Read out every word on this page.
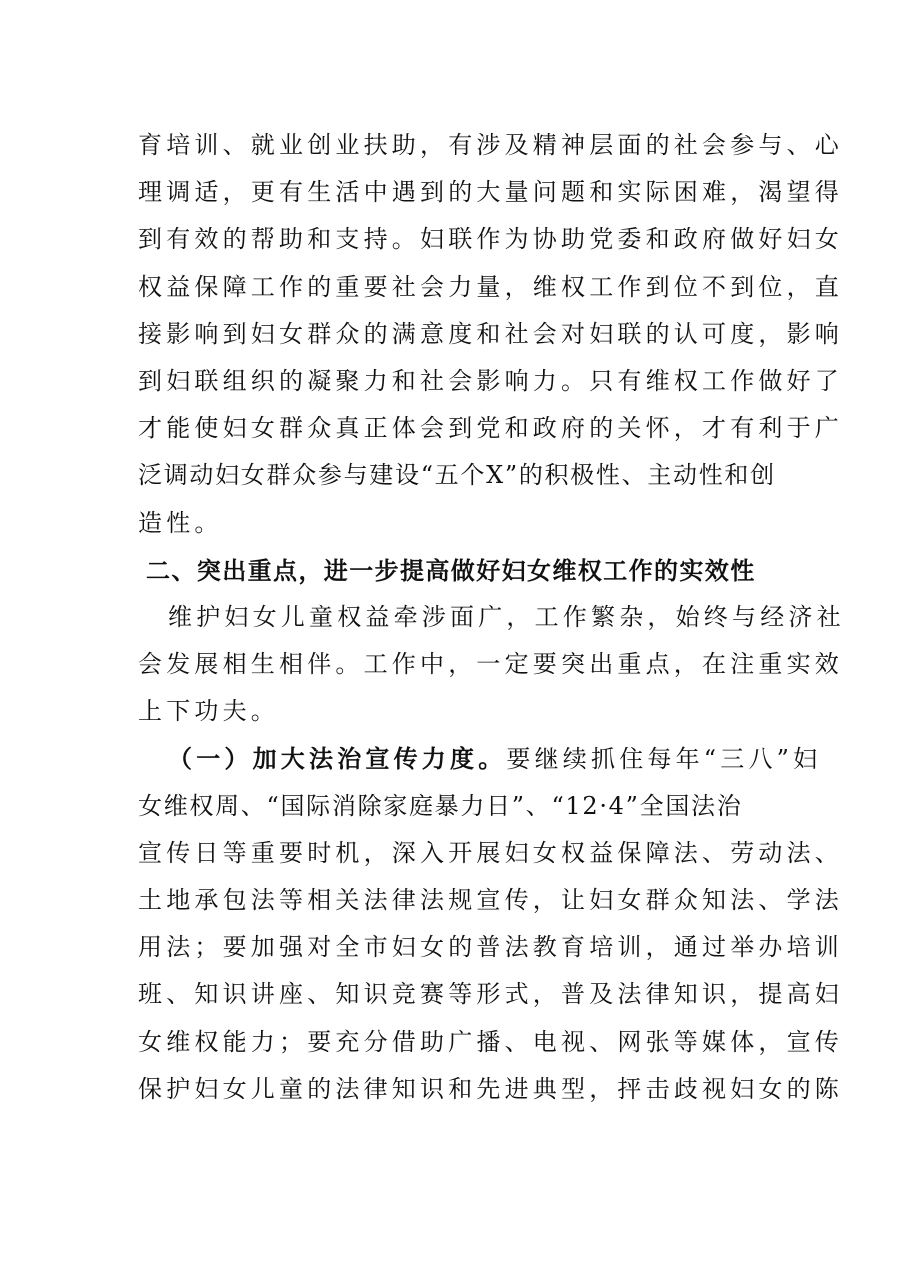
育培训、就业创业扶助，有涉及精神层面的社会参与、心
理调适，更有生活中遇到的大量问题和实际困难，渴望得
到有效的帮助和支持。妇联作为协助党委和政府做好妇女
权益保障工作的重要社会力量，维权工作到位不到位，直
接影响到妇女群众的满意度和社会对妇联的认可度，影响
到妇联组织的凝聚力和社会影响力。只有维权工作做好了
才能使妇女群众真正体会到党和政府的关怀，才有利于广
泛调动妇女群众参与建设“五个X”的积极性、主动性和创
造性。
二、突出重点，进一步提高做好妇女维权工作的实效性
维护妇女儿童权益牵涉面广，工作繁杂，始终与经济社
会发展相生相伴。工作中，一定要突出重点，在注重实效
上下功夫。
（一）加大法治宣传力度。要继续抓住每年“三八”妇
女维权周、“国际消除家庭暴力日”、“12·4”全国法治
宣传日等重要时机，深入开展妇女权益保障法、劳动法、
土地承包法等相关法律法规宣传，让妇女群众知法、学法
用法；要加强对全市妇女的普法教育培训，通过举办培训
班、知识讲座、知识竞赛等形式，普及法律知识，提高妇
女维权能力；要充分借助广播、电视、网张等媒体，宣传
保护妇女儿童的法律知识和先进典型，抨击歧视妇女的陈
